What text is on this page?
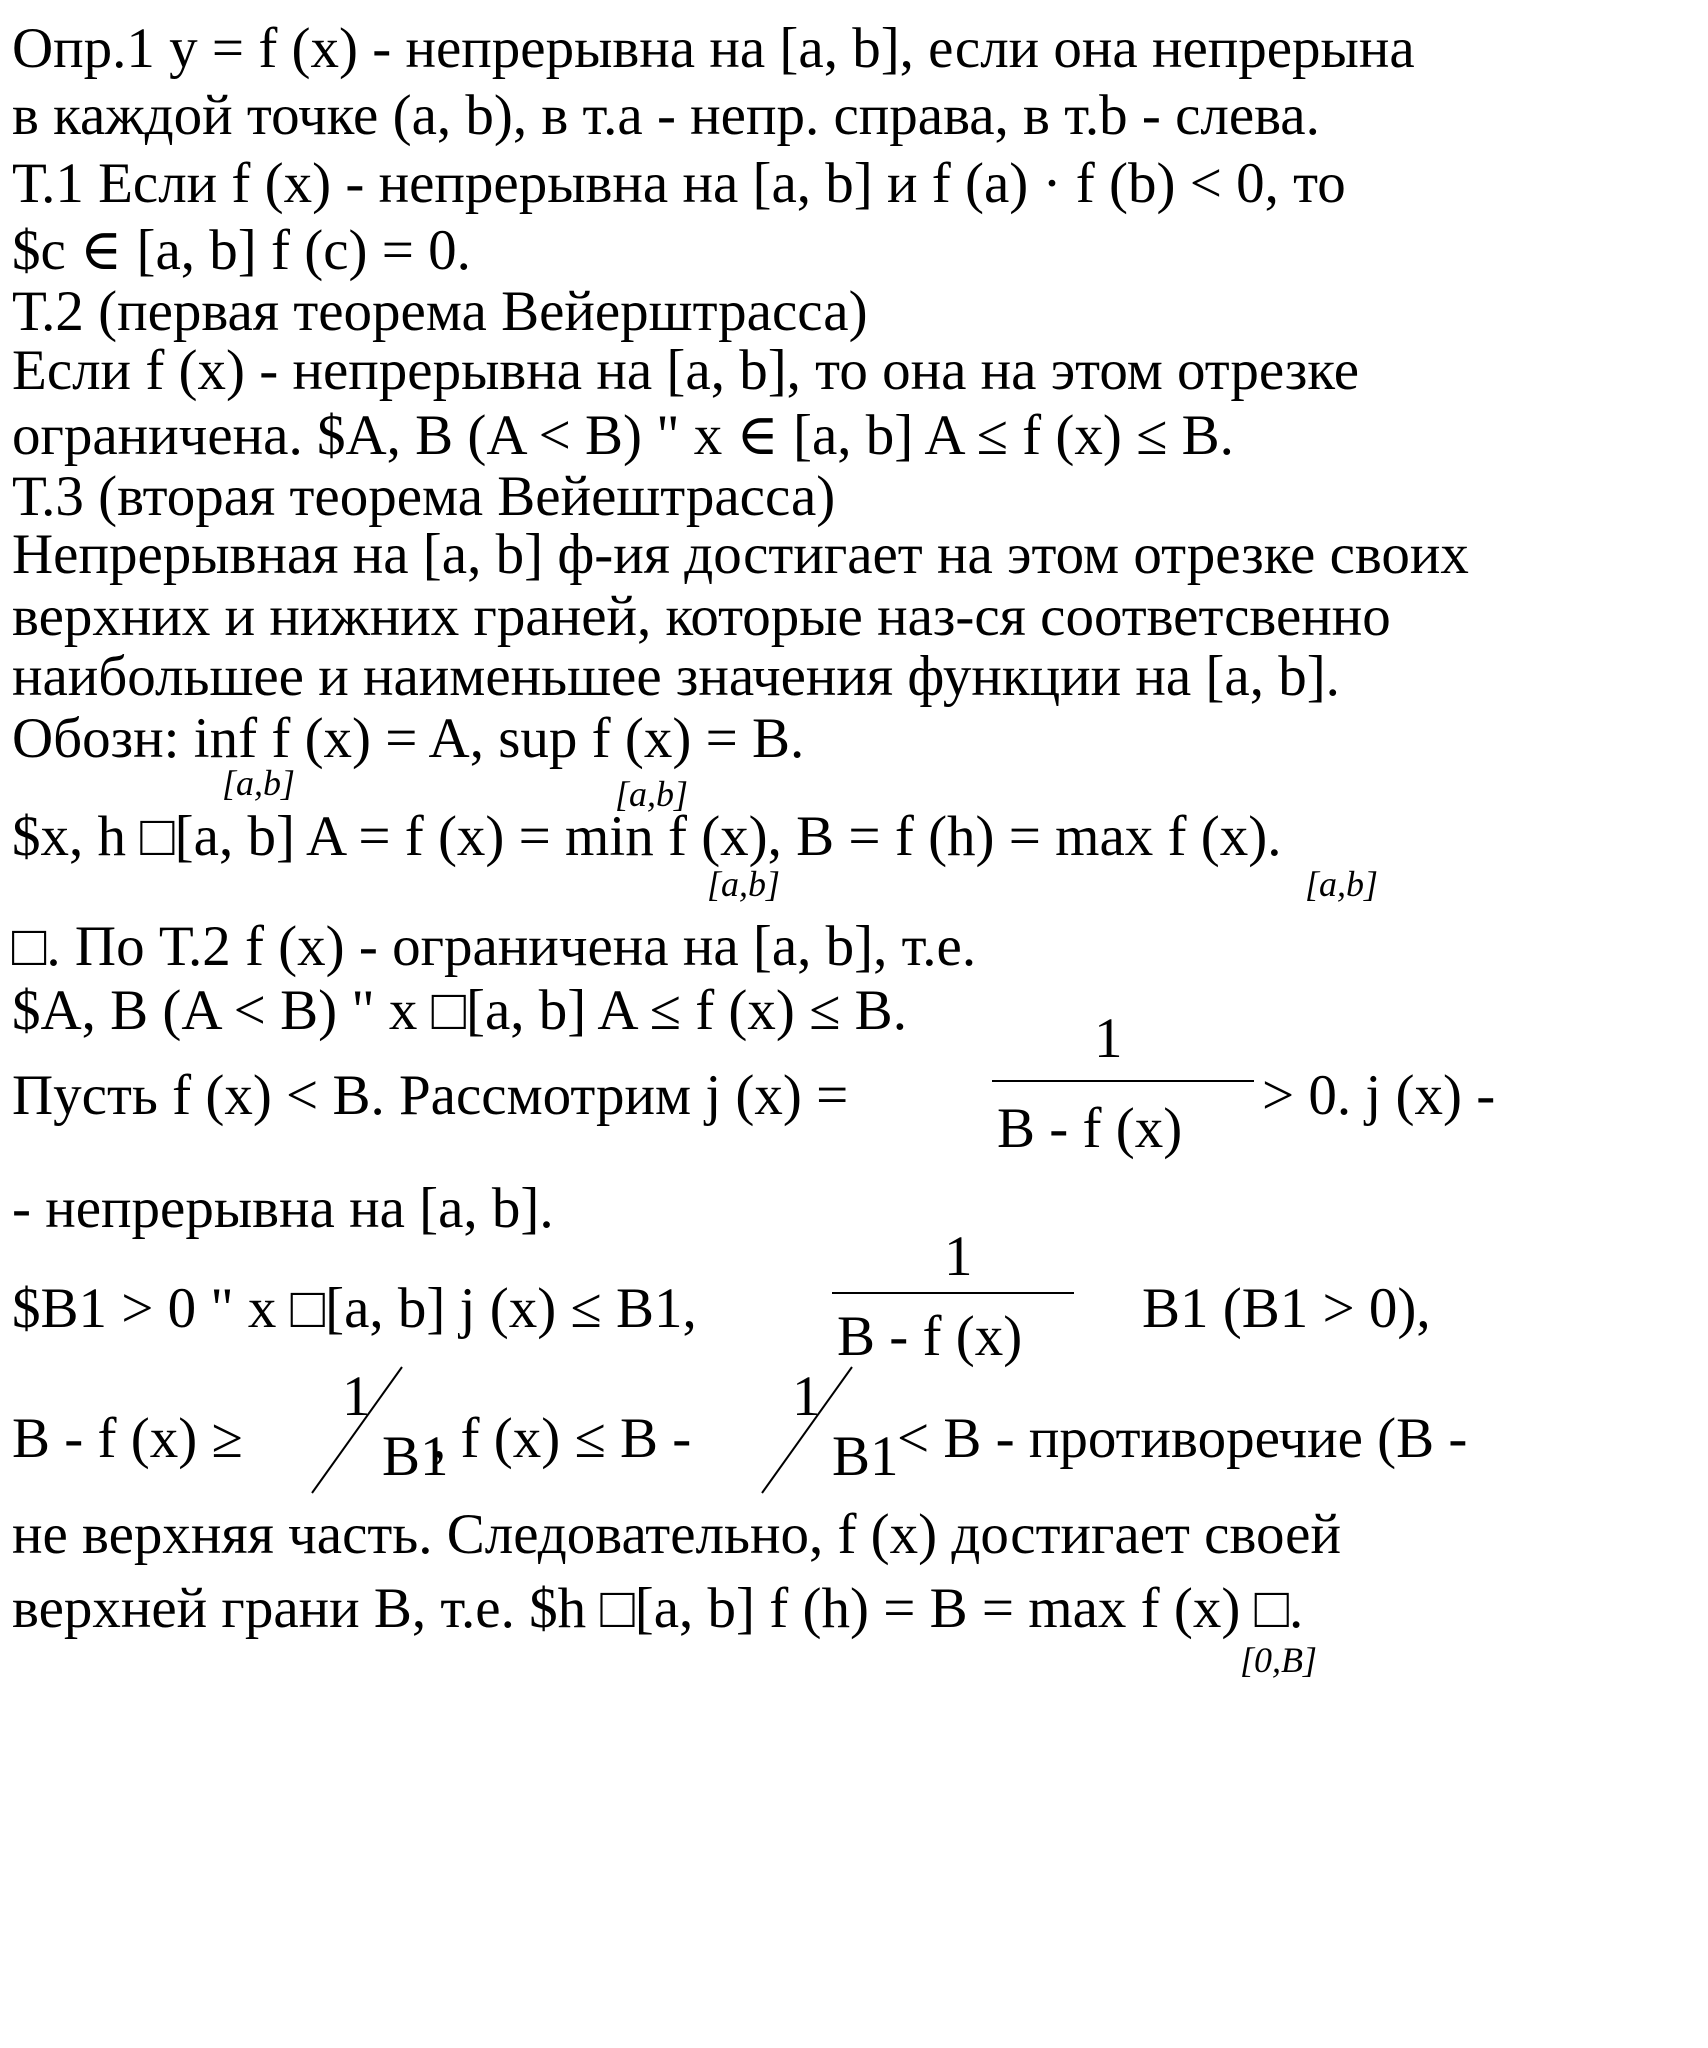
Опр.1 y = f (x) - непрерывна на [a, b], если она непрерына
в каждой точке (a, b), в т.a - непр. справа, в т.b - слева.
Т.1 Если f (x) - непрерывна на [a, b] и f (a) · f (b) < 0, то
$c ∈ [a, b] f (c) = 0.
Т.2 (первая теорема Вейерштрасса)
Если f (x) - непрерывна на [a, b], то она на этом отрезке
ограничена. $A, B (A < B) " x ∈ [a, b] A ≤ f (x) ≤ B.
Т.3 (вторая теорема Вейештрасса)
Непрерывная на [a, b] ф-ия достигает на этом отрезке своих
верхних и нижних граней, которые наз-ся соответсвенно
наибольшее и наименьшее значения функции на [a, b].
Обозн: inf f (x) = A, sup f (x) = B.
[a,b]	[a,b]
$x, h □[a, b] A = f (x) = min f (x), B = f (h) = max f (x).
[a,b]	[a,b]
□. По Т.2 f (x) - ограничена на [a, b], т.е.
$A, B (A < B) " x □[a, b] A ≤ f (x) ≤ B.
Пусть f (x) < B. Рассмотрим j (x) =
1
B - f (x)
> 0. j (x) -
- непрерывна на [a, b].
$B1 > 0 " x □[a, b] j (x) ≤ B1,
1
B - f (x) B1 (B1 > 0),
B - f (x) ≥
1
B1
, f (x) ≤ B -
1
B1
< B - противоречие (B -
не верхняя часть. Следовательно, f (x) достигает своей
верхней грани B, т.е. $h □[a, b] f (h) = B = max f (x) □.
[0,B]
